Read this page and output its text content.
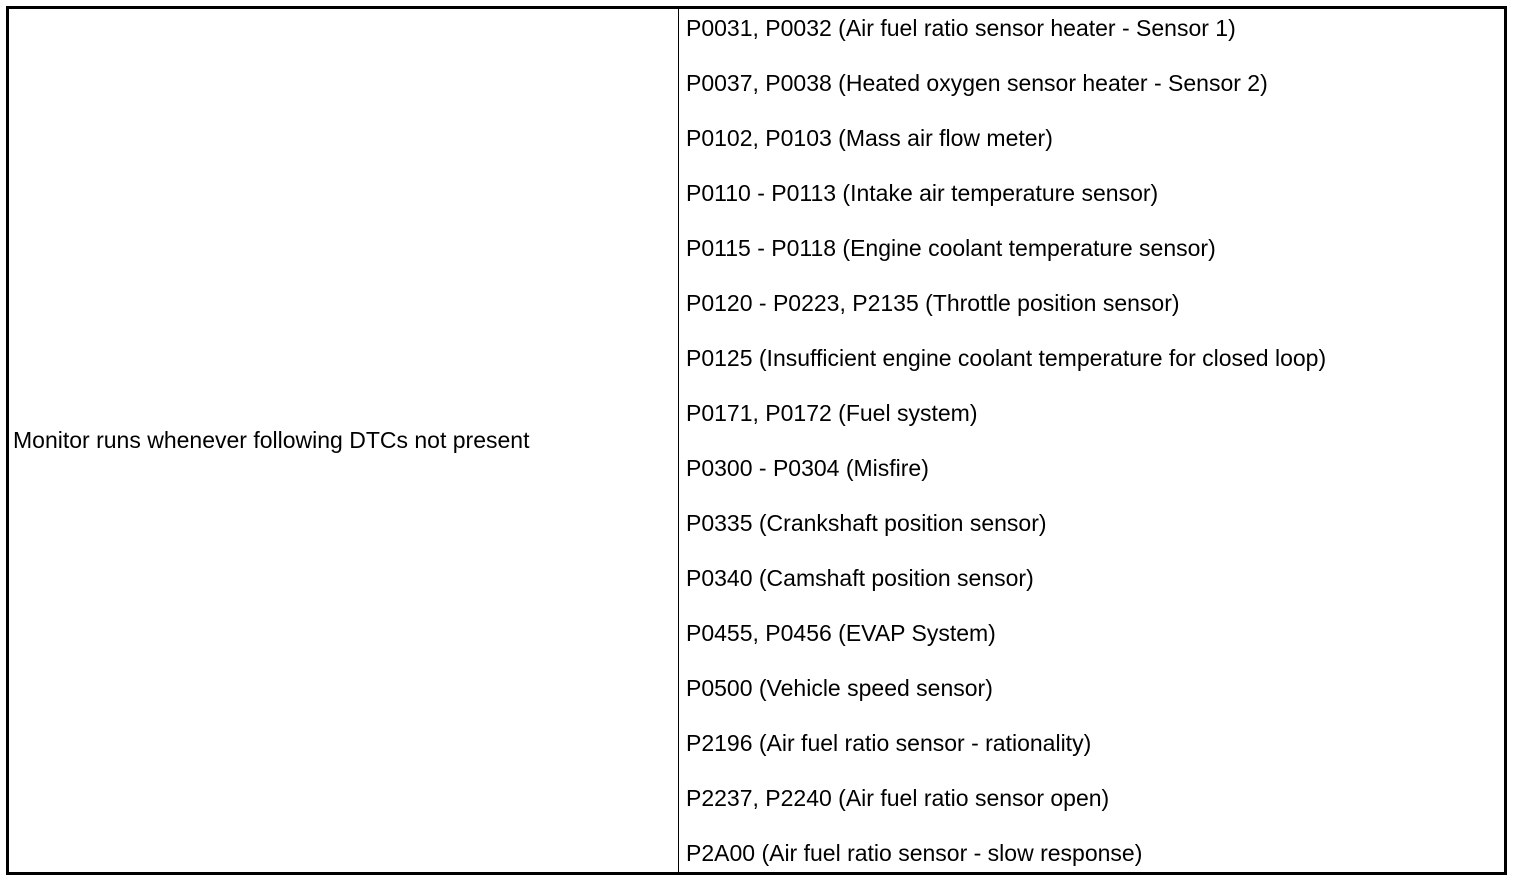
Monitor runs whenever following DTCs not present
P0031, P0032 (Air fuel ratio sensor heater - Sensor 1)
P0037, P0038 (Heated oxygen sensor heater - Sensor 2)
P0102, P0103 (Mass air flow meter)
P0110 - P0113 (Intake air temperature sensor)
P0115 - P0118 (Engine coolant temperature sensor)
P0120 - P0223, P2135 (Throttle position sensor)
P0125 (Insufficient engine coolant temperature for closed loop)
P0171, P0172 (Fuel system)
P0300 - P0304 (Misfire)
P0335 (Crankshaft position sensor)
P0340 (Camshaft position sensor)
P0455, P0456 (EVAP System)
P0500 (Vehicle speed sensor)
P2196 (Air fuel ratio sensor - rationality)
P2237, P2240 (Air fuel ratio sensor open)
P2A00 (Air fuel ratio sensor - slow response)
